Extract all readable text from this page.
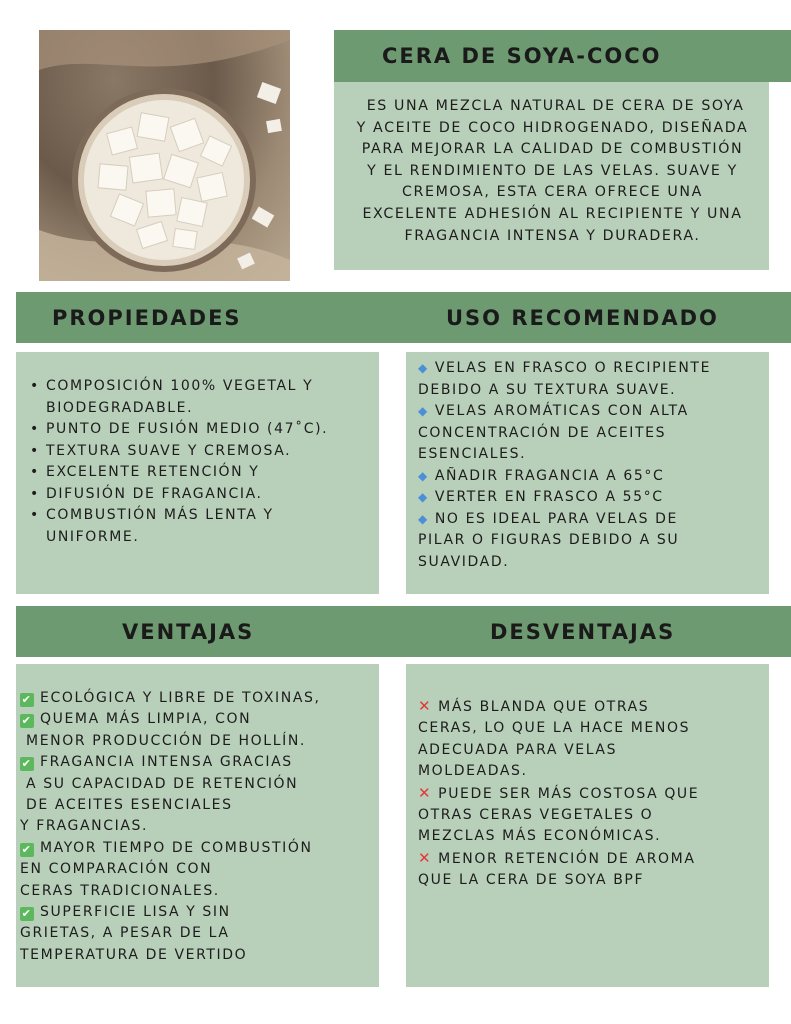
CERA DE SOYA-COCO
ES UNA MEZCLA NATURAL DE CERA DE SOYA
Y ACEITE DE COCO HIDROGENADO, DISEÑADA
PARA MEJORAR LA CALIDAD DE COMBUSTIÓN
Y EL RENDIMIENTO DE LAS VELAS. SUAVE Y
CREMOSA, ESTA CERA OFRECE UNA
EXCELENTE ADHESIÓN AL RECIPIENTE Y UNA
FRAGANCIA INTENSA Y DURADERA.
PROPIEDADES
• COMPOSICIÓN 100% VEGETAL Y
BIODEGRADABLE.
• PUNTO DE FUSIÓN MEDIO (47˚C).
• TEXTURA SUAVE Y CREMOSA.
• EXCELENTE RETENCIÓN Y
• DIFUSIÓN DE FRAGANCIA.
• COMBUSTIÓN MÁS LENTA Y
UNIFORME.
USO RECOMENDADO
◆ VELAS EN FRASCO O RECIPIENTE
DEBIDO A SU TEXTURA SUAVE.
◆ VELAS AROMÁTICAS CON ALTA
CONCENTRACIÓN DE ACEITES
ESENCIALES.
◆ AÑADIR FRAGANCIA A 65°C
◆ VERTER EN FRASCO A 55°C
◆ NO ES IDEAL PARA VELAS DE
PILAR O FIGURAS DEBIDO A SU
SUAVIDAD.
VENTAJAS
✔ ECOLÓGICA Y LIBRE DE TOXINAS,
✔ QUEMA MÁS LIMPIA, CON
MENOR PRODUCCIÓN DE HOLLÍN.
✔ FRAGANCIA INTENSA GRACIAS
A SU CAPACIDAD DE RETENCIÓN
DE ACEITES ESENCIALES
Y FRAGANCIAS.
✔ MAYOR TIEMPO DE COMBUSTIÓN
EN COMPARACIÓN CON
CERAS TRADICIONALES.
✔ SUPERFICIE LISA Y SIN
GRIETAS, A PESAR DE LA
TEMPERATURA DE VERTIDO
DESVENTAJAS
✕ MÁS BLANDA QUE OTRAS
CERAS, LO QUE LA HACE MENOS
ADECUADA PARA VELAS
MOLDEADAS.
✕ PUEDE SER MÁS COSTOSA QUE
OTRAS CERAS VEGETALES O
MEZCLAS MÁS ECONÓMICAS.
✕ MENOR RETENCIÓN DE AROMA
QUE LA CERA DE SOYA BPF
